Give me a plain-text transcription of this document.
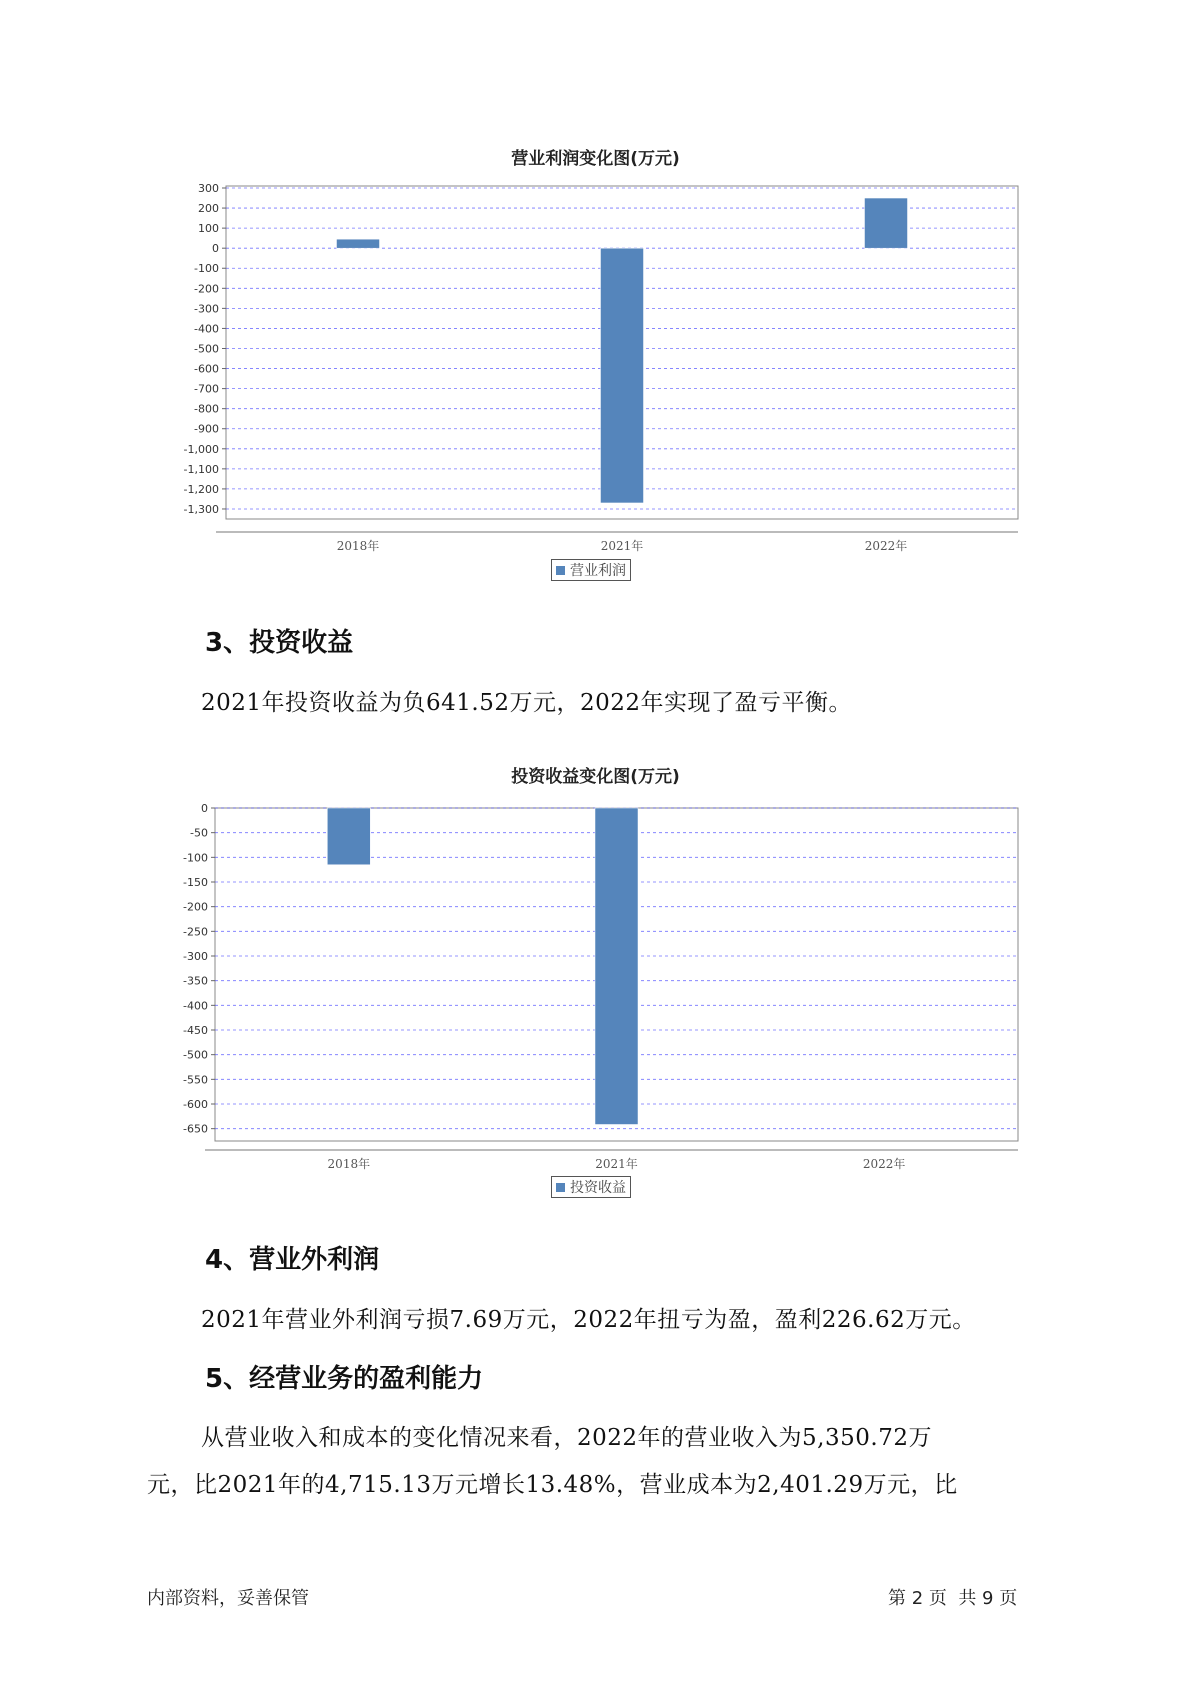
营业利润变化图(万元)
300
200
100
0
-100
-200
-300
-400
-500
-600
-700
-800
-900
-1,000
-1,100
-1,200
-1,300
2018年	2021年	2022年
营业利润
3、投资收益
2021年投资收益为负641.52万元，2022年实现了盈亏平衡。
投资收益变化图(万元)
0
-50
-100
-150
-200
-250
-300
-350
-400
-450
-500
-550
-600
-650
2018年	2021年	2022年
投资收益
4、营业外利润
2021年营业外利润亏损7.69万元，2022年扭亏为盈，盈利226.62万元。
5、经营业务的盈利能力
从营业收入和成本的变化情况来看，2022年的营业收入为5,350.72万
元，比2021年的4,715.13万元增长13.48%，营业成本为2,401.29万元，比
内部资料，妥善保管	第 2 页  共 9 页
